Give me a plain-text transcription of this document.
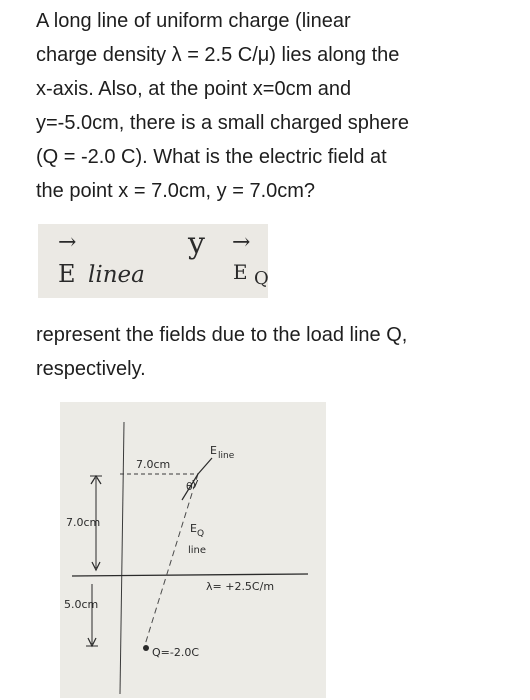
A long line of uniform charge (linear
charge density λ = 2.5 C/μ) lies along the
x-axis. Also, at the point x=0cm and
y=-5.0cm, there is a small charged sphere
(Q = -2.0 C). What is the electric field at
the point x = 7.0cm, y = 7.0cm?
→
E linea
y →
E Q
represent the fields due to the load line Q,
respectively.
7.0cm
7.0cm
5.0cm
E line
θ
E Q
line
λ= +2.5C/m
Q=-2.0C
y
